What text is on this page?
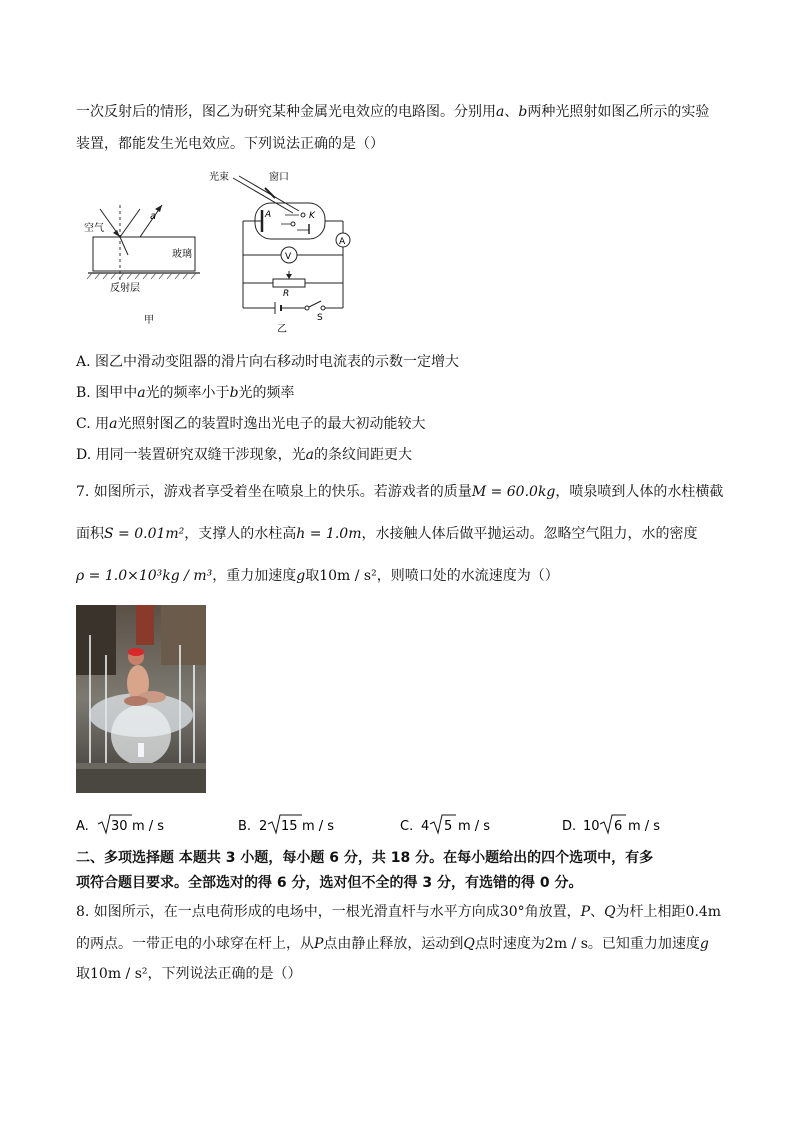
一次反射后的情形，图乙为研究某种金属光电效应的电路图。分别用a、b两种光照射如图乙所示的实验
装置，都能发生光电效应。下列说法正确的是（）
a
空气
玻璃
反射层
甲
光束	窗口
A	K
A
V
R
S
乙
A. 图乙中滑动变阻器的滑片向右移动时电流表的示数一定增大
B. 图甲中a光的频率小于b光的频率
C. 用a光照射图乙的装置时逸出光电子的最大初动能较大
D. 用同一装置研究双缝干涉现象，光a的条纹间距更大
7. 如图所示，游戏者享受着坐在喷泉上的快乐。若游戏者的质量M = 60.0kg，喷泉喷到人体的水柱横截
面积S = 0.01m²，支撑人的水柱高h = 1.0m，水接触人体后做平抛运动。忽略空气阻力，水的密度
ρ = 1.0×10³kg / m³，重力加速度g取10m / s²，则喷口处的水流速度为（）
A. 30 m / s	B. 2 15 m / s	C. 4 5 m / s	D. 10 6 m / s
二、多项选择题 本题共 3 小题，每小题 6 分，共 18 分。在每小题给出的四个选项中，有多
项符合题目要求。全部选对的得 6 分，选对但不全的得 3 分，有选错的得 0 分。
8. 如图所示，在一点电荷形成的电场中，一根光滑直杆与水平方向成30°角放置，P、Q为杆上相距0.4m
的两点。一带正电的小球穿在杆上，从P点由静止释放，运动到Q点时速度为2m / s。已知重力加速度g
取10m / s²，下列说法正确的是（）
